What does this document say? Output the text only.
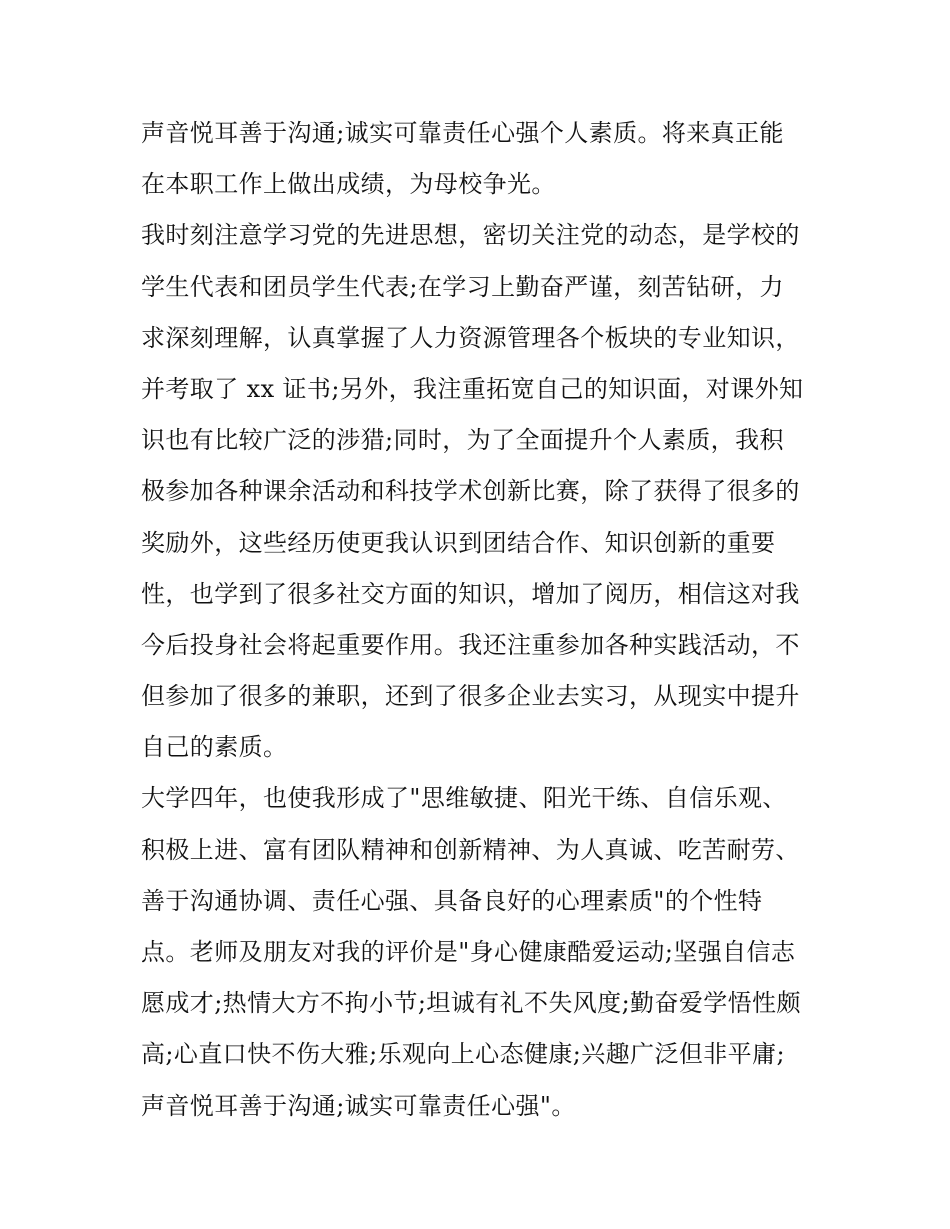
声音悦耳善于沟通;诚实可靠责任心强个人素质。将来真正能
在本职工作上做出成绩，为母校争光。
我时刻注意学习党的先进思想，密切关注党的动态，是学校的
学生代表和团员学生代表;在学习上勤奋严谨，刻苦钻研，力
求深刻理解，认真掌握了人力资源管理各个板块的专业知识，
并考取了 xx 证书;另外，我注重拓宽自己的知识面，对课外知
识也有比较广泛的涉猎;同时，为了全面提升个人素质，我积
极参加各种课余活动和科技学术创新比赛，除了获得了很多的
奖励外，这些经历使更我认识到团结合作、知识创新的重要
性，也学到了很多社交方面的知识，增加了阅历，相信这对我
今后投身社会将起重要作用。我还注重参加各种实践活动，不
但参加了很多的兼职，还到了很多企业去实习，从现实中提升
自己的素质。
大学四年，也使我形成了"思维敏捷、阳光干练、自信乐观、
积极上进、富有团队精神和创新精神、为人真诚、吃苦耐劳、
善于沟通协调、责任心强、具备良好的心理素质"的个性特
点。老师及朋友对我的评价是"身心健康酷爱运动;坚强自信志
愿成才;热情大方不拘小节;坦诚有礼不失风度;勤奋爱学悟性颇
高;心直口快不伤大雅;乐观向上心态健康;兴趣广泛但非平庸;
声音悦耳善于沟通;诚实可靠责任心强"。
